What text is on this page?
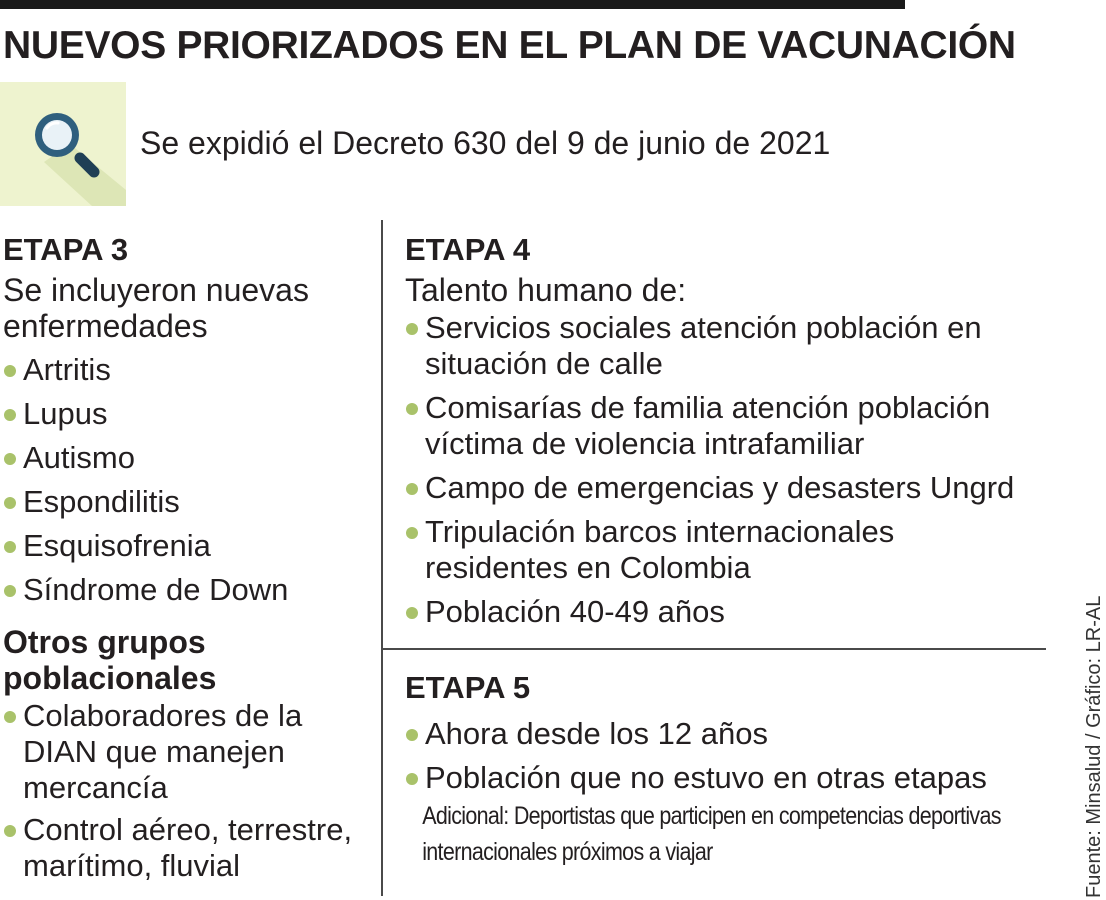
NUEVOS PRIORIZADOS EN EL PLAN DE VACUNACIÓN
Se expidió el Decreto 630 del 9 de junio de 2021
ETAPA 3
Se incluyeron nuevas enfermedades
Artritis
Lupus
Autismo
Espondilitis
Esquisofrenia
Síndrome de Down
Otros grupos poblacionales
Colaboradores de la DIAN que manejen mercancía
Control aéreo, terrestre, marítimo, fluvial
ETAPA 4
Talento humano de:
Servicios sociales atención población en situación de calle
Comisarías de familia atención población víctima de violencia intrafamiliar
Campo de emergencias y desasters Ungrd
Tripulación barcos internacionales residentes en Colombia
Población 40-49 años
ETAPA 5
Ahora desde los 12 años
Población que no estuvo en otras etapas
Adicional: Deportistas que participen en competencias deportivas internacionales próximos a viajar	Fuente: Minsalud / Gráfico: LR-AL
